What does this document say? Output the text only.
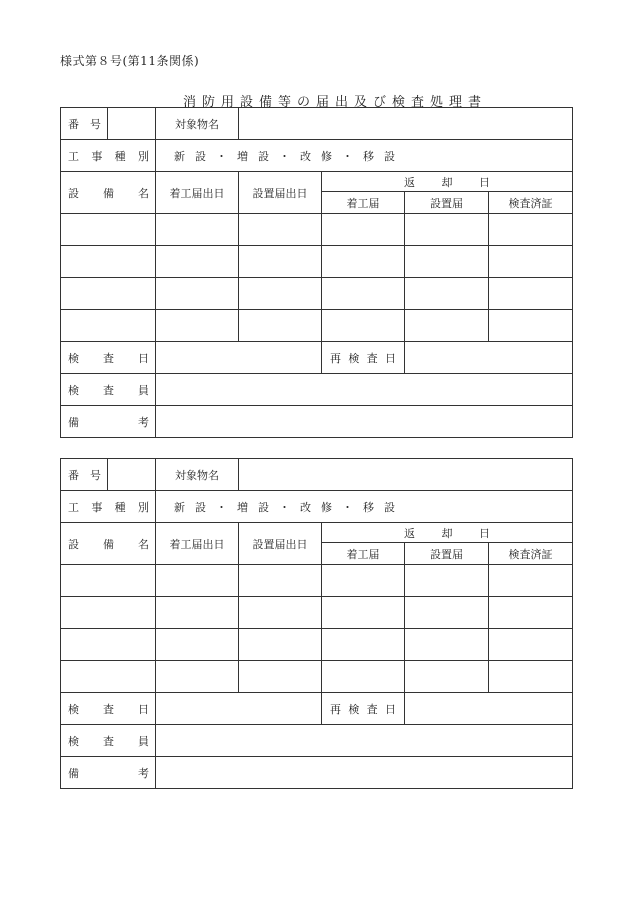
様式第８号(第11条関係)
消防用設備等の届出及び検査処理書
番 号		対象物名				

工 事 種 別		新設・増設・改修・移設				

設 備 名		着工届出日	設置届出日	返 却 日		

				着工届	設置届	検査済証

検 査 日				再 検 査 日		

検 査 員						

備 考						

番 号		対象物名				

工 事 種 別		新設・増設・改修・移設				

設 備 名		着工届出日	設置届出日	返 却 日		

				着工届	設置届	検査済証

検 査 日				再 検 査 日		

検 査 員						

備 考						
